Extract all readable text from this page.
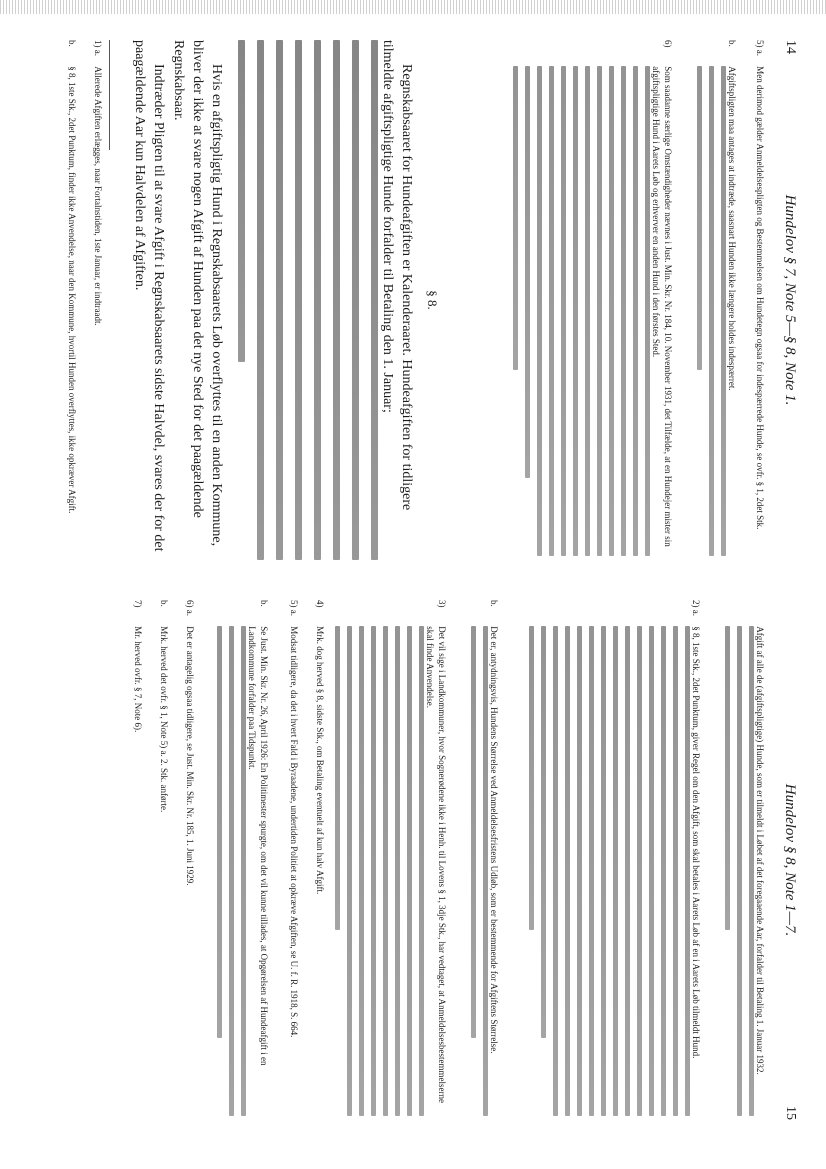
14
Hundelov § 7, Note 5—§ 8, Note 1.
5) a. Men derimod gælder Anmeldelsespligten og Bestemmelsen om Hundetegn ogsaa for indespærrede Hunde, se ovfr. § 1, 2det Stk.
b. Afgiftspligten maa antages at indtræde, saasnart Hunden ikke længere holdes indespærret.
6) Som saadanne særlige Omstændigheder nævnes i Just. Min. Skr. Nr. 184, 10. November 1931, det Tilfælde, at en Hundejer mister sin afgiftspligtige Hund i Aarets Løb og erhverver en anden Hund i den førstes Sted.
§ 8.
Regnskabsaaret for Hundeafgiften er Kalenderaaret. Hundeafgiften for tidligere tilmeldte afgiftspligtige Hunde forfalder til Betaling den 1. Januar;
Hvis en afgiftspligtig Hund i Regnskabsaarets Løb overflyttes til en anden Kommune, bliver der ikke at svare nogen Afgift af Hunden paa det nye Sted for det paagældende Regnskabsaar.
Indtræder Pligten til at svare Afgift i Regnskabsaarets sidste Halvdel, svares der for det paagældende Aar kun Halvdelen af Afgiften.
1) a. Allerede Afgiften erlægges, naar Fortalnstiden, 1ste Januar, er indtraadt.
b. § 8, 1ste Stk., 2det Punktum, finder ikke Anvendelse, naar den Kommune, hvortil Hunden overflyttes, ikke opkræver Afgift.
Hundelov § 8, Note 1—7.
15
Afgift af alle de (afgiftspligtige) Hunde, som er tilmeldt i Løbet af det foregaaende Aar, forfalder til Betaling 1. Januar 1932.
2) a. § 8, 1ste Stk., 2det Punktum, giver Regel om den Afgift, som skal betales i Aarets Løb af en i Aarets Løb tilmeldt Hund.
b. Det er, antydningsvis, Hundens Størrelse ved Anmeldelsesfristens Udløb, som er bestemmende for Afgiftens Størrelse.
3) Det vil sige i Landkommuner, hvor Sognerødene ikke i Henh. til Lovens § 1, 3dje Stk., har vedtaget, at Anmeldelsesbestemmelserne skal finde Anvendelse.
4) Mrk. dog herved § 8, sidste Stk., om Betaling eventuelt af kun halv Afgift.
5) a. Modsat tidligere, da det i hvert Fald i Byraadene, undertiden Politiet at opkræve Afgiften, se U. f. R. 1918, S. 664.
b. Se Just. Min. Skr. Nr. 26, April 1926: En Politimester spurgte, om det vil kunne tillades, at Opgørelsen af Hundeafgift i en Landkommune forfalder paa Tidspunkt.
6) a. Det er antagelig ogsaa tidligere, se Just. Min. Skr. Nr. 185, 1. Juni 1929.
b. Mrk. herved det ovfr. § 1, Note 5) a. 2. Stk. anførte.
7) Mr. herved ovfr. § 7, Note 6).
